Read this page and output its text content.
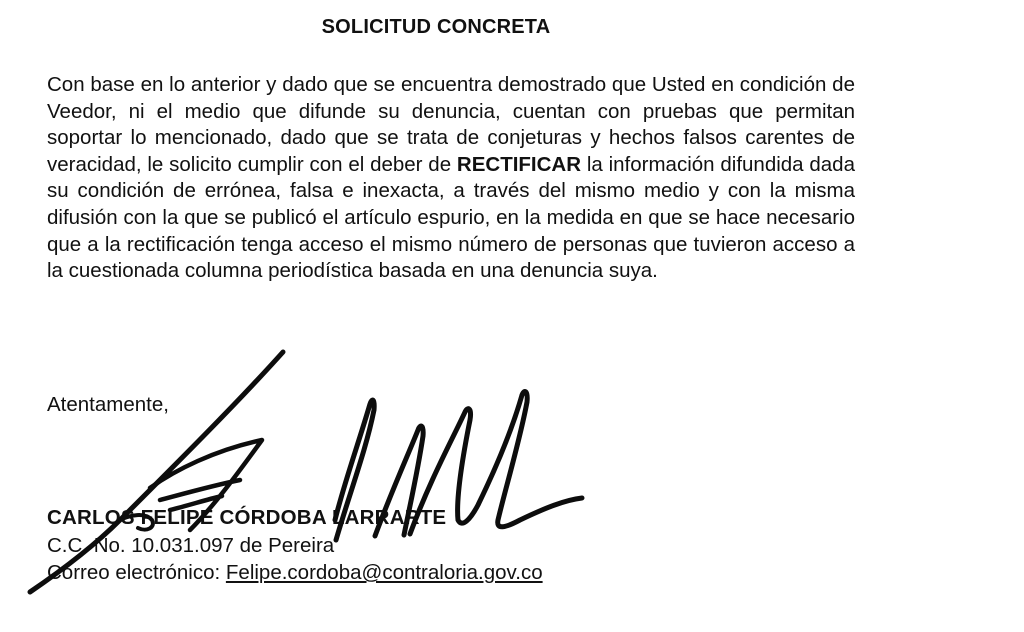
SOLICITUD CONCRETA

Con base en lo anterior y dado que se encuentra demostrado que Usted en condición de Veedor, ni el medio que difunde su denuncia, cuentan con pruebas que permitan soportar lo mencionado, dado que se trata de conjeturas y hechos falsos carentes de veracidad, le solicito cumplir con el deber de RECTIFICAR la información difundida dada su condición de errónea, falsa e inexacta, a través del mismo medio y con la misma difusión con la que se publicó el artículo espurio, en la medida en que se hace necesario que a la rectificación tenga acceso el mismo número de personas que tuvieron acceso a la cuestionada columna periodística basada en una denuncia suya.

Atentamente,
CARLOS FELIPE CÓRDOBA LARRARTE
C.C. No. 10.031.097 de Pereira
Correo electrónico: Felipe.cordoba@contraloria.gov.co
